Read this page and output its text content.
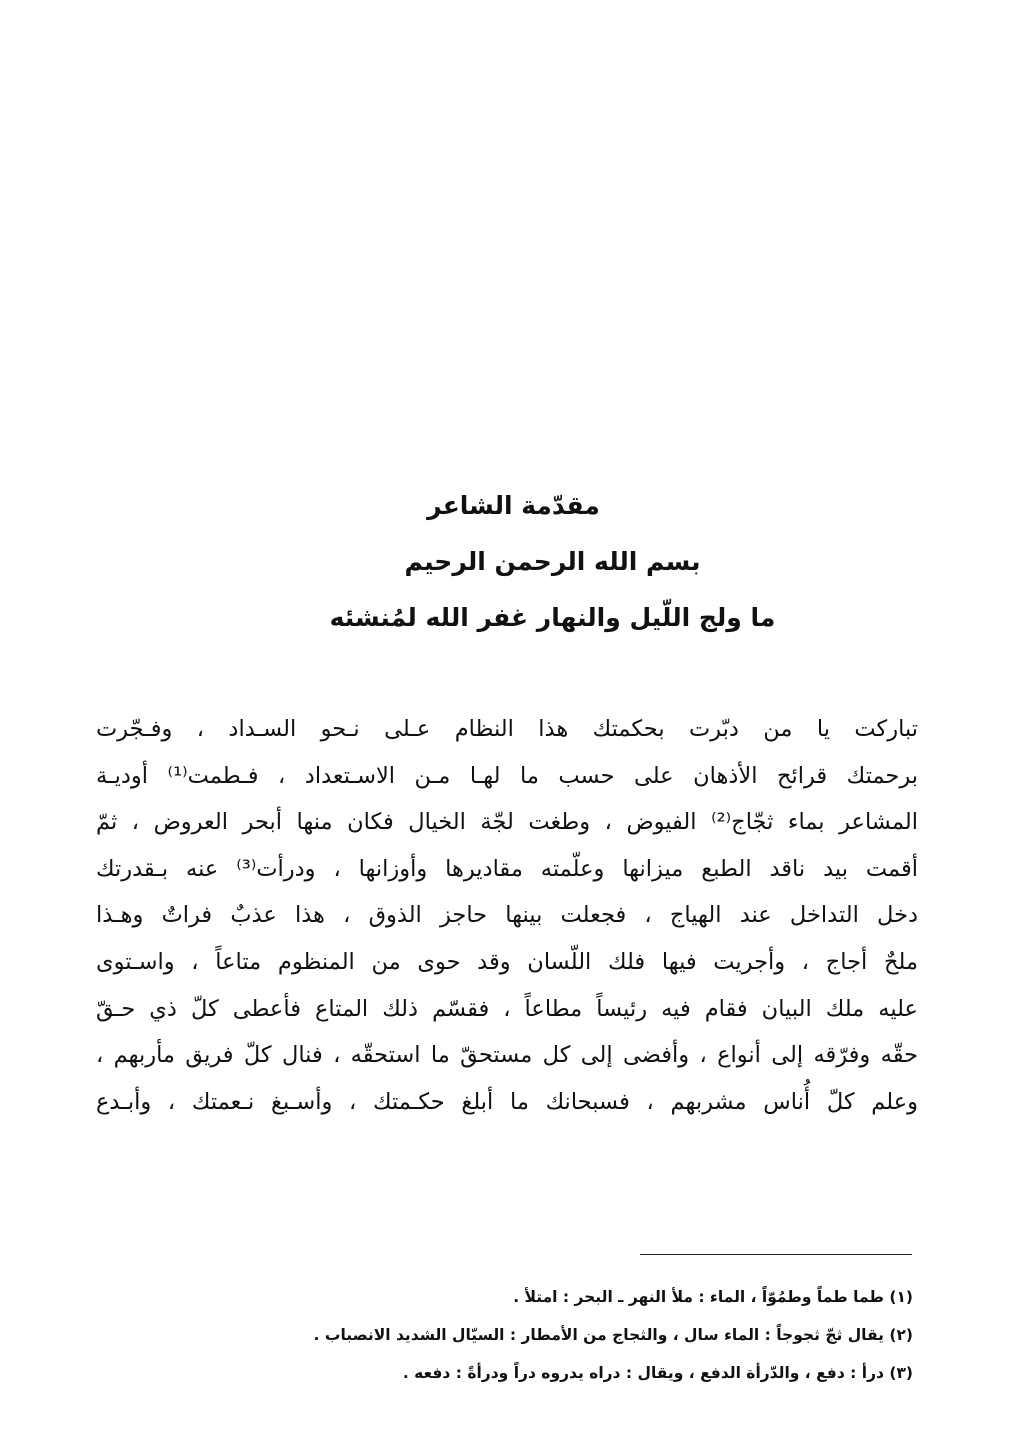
مقدّمة الشاعر
بسم الله الرحمن الرحيم
ما ولج اللّيل والنهار غفر الله لمُنشئه
تباركت يا من دبّرت بحكمتك هذا النظام عـلى نـحو السـداد ، وفـجّرت
برحمتك قرائح الأذهان على حسب ما لهـا مـن الاسـتعداد ، فـطمت⁽¹⁾ أوديـة
المشاعر بماء ثجّاج⁽²⁾ الفيوض ، وطغت لجّة الخيال فكان منها أبحر العروض ، ثمّ
أقمت بيد ناقد الطبع ميزانها وعلّمته مقاديرها وأوزانها ، ودرأت⁽³⁾ عنه بـقدرتك
دخل التداخل عند الهياج ، فجعلت بينها حاجز الذوق ، هذا عذبٌ فراتٌ وهـذا
ملحٌ أجاج ، وأجريت فيها فلك اللّسان وقد حوى من المنظوم متاعاً ، واسـتوى
عليه ملك البيان فقام فيه رئيساً مطاعاً ، فقسّم ذلك المتاع فأعطى كلّ ذي حـقّ
حقّه وفرّقه إلى أنواع ، وأفضى إلى كل مستحقّ ما استحقّه ، فنال كلّ فريق مأربهم ،
وعلم كلّ أُناس مشربهم ، فسبحانك ما أبلغ حكـمتك ، وأسـبغ نـعمتك ، وأبـدع
(١) طما طماً وطمُوّاً ، الماء : ملأ النهر ـ البحر : امتلأ .
(٢) يقال ثجّ ثجوجاً : الماء سال ، والثجاج من الأمطار : السيّال الشديد الانصباب .
(٣) درأ : دفع ، والدّرأة الدفع ، ويقال : دراه يدروه دراً ودرأةً : دفعه .
